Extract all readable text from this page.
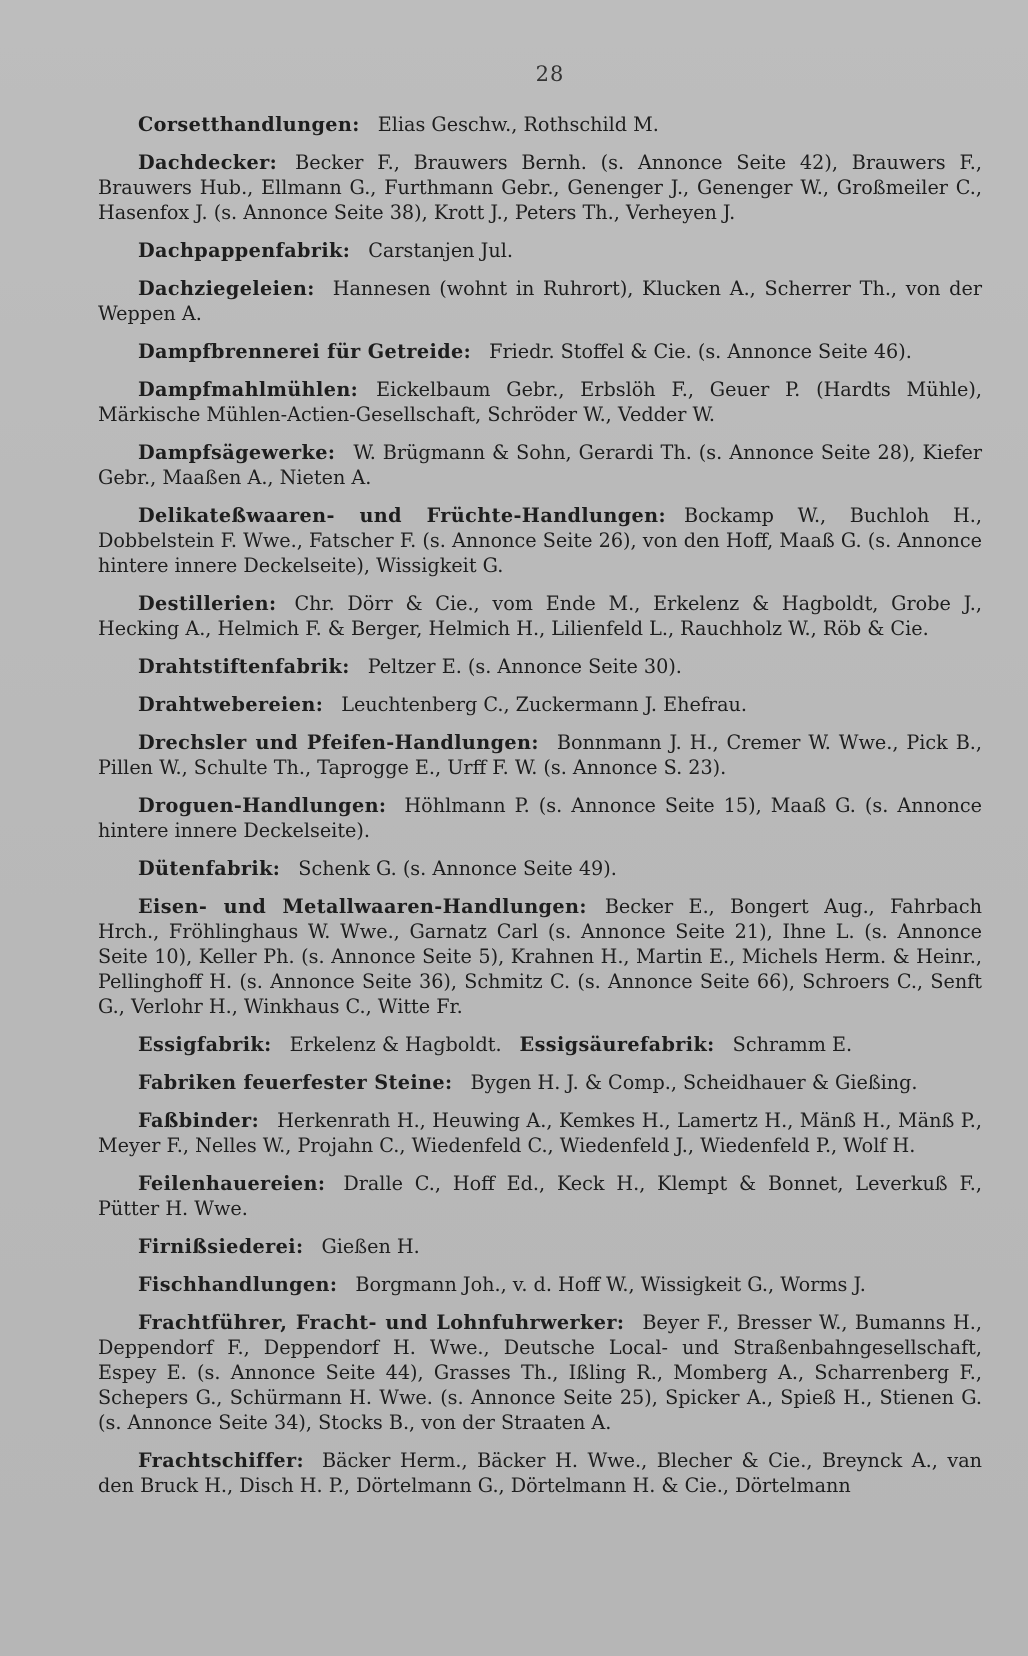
28

Corsetthandlungen: Elias Geschw., Rothschild M.

Dachdecker: Becker F., Brauwers Bernh. (s. Annonce Seite 42), Brauwers F., Brauwers Hub., Ellmann G., Furthmann Gebr., Genenger J., Genenger W., Großmeiler C., Hasenfox J. (s. Annonce Seite 38), Krott J., Peters Th., Verheyen J.

Dachpappenfabrik: Carstanjen Jul.

Dachziegeleien: Hannesen (wohnt in Ruhrort), Klucken A., Scherrer Th., von der Weppen A.

Dampfbrennerei für Getreide: Friedr. Stoffel & Cie. (s. Annonce Seite 46).

Dampfmahlmühlen: Eickelbaum Gebr., Erbslöh F., Geuer P. (Hardts Mühle), Märkische Mühlen-Actien-Gesellschaft, Schröder W., Vedder W.

Dampfsägewerke: W. Brügmann & Sohn, Gerardi Th. (s. Annonce Seite 28), Kiefer Gebr., Maaßen A., Nieten A.

Delikateßwaaren- und Früchte-Handlungen: Bockamp W., Buchloh H., Dobbelstein F. Wwe., Fatscher F. (s. Annonce Seite 26), von den Hoff, Maaß G. (s. Annonce hintere innere Deckelseite), Wissigkeit G.

Destillerien: Chr. Dörr & Cie., vom Ende M., Erkelenz & Hagboldt, Grobe J., Hecking A., Helmich F. & Berger, Helmich H., Lilienfeld L., Rauchholz W., Röb & Cie.

Drahtstiftenfabrik: Peltzer E. (s. Annonce Seite 30).

Drahtwebereien: Leuchtenberg C., Zuckermann J. Ehefrau.

Drechsler und Pfeifen-Handlungen: Bonnmann J. H., Cremer W. Wwe., Pick B., Pillen W., Schulte Th., Taprogge E., Urff F. W. (s. Annonce S. 23).

Droguen-Handlungen: Höhlmann P. (s. Annonce Seite 15), Maaß G. (s. Annonce hintere innere Deckelseite).

Dütenfabrik: Schenk G. (s. Annonce Seite 49).

Eisen- und Metallwaaren-Handlungen: Becker E., Bongert Aug., Fahrbach Hrch., Fröhlinghaus W. Wwe., Garnatz Carl (s. Annonce Seite 21), Ihne L. (s. Annonce Seite 10), Keller Ph. (s. Annonce Seite 5), Krahnen H., Martin E., Michels Herm. & Heinr., Pellinghoff H. (s. Annonce Seite 36), Schmitz C. (s. Annonce Seite 66), Schroers C., Senft G., Verlohr H., Winkhaus C., Witte Fr.

Essigfabrik: Erkelenz & Hagboldt. Essigsäurefabrik: Schramm E.

Fabriken feuerfester Steine: Bygen H. J. & Comp., Scheidhauer & Gießing.

Faßbinder: Herkenrath H., Heuwing A., Kemkes H., Lamertz H., Mänß H., Mänß P., Meyer F., Nelles W., Projahn C., Wiedenfeld C., Wiedenfeld J., Wiedenfeld P., Wolf H.

Feilenhauereien: Dralle C., Hoff Ed., Keck H., Klempt & Bonnet, Leverkuß F., Pütter H. Wwe.

Firnißsiederei: Gießen H.

Fischhandlungen: Borgmann Joh., v. d. Hoff W., Wissigkeit G., Worms J.

Frachtführer, Fracht- und Lohnfuhrwerker: Beyer F., Bresser W., Bumanns H., Deppendorf F., Deppendorf H. Wwe., Deutsche Local- und Straßenbahngesellschaft, Espey E. (s. Annonce Seite 44), Grasses Th., Ißling R., Momberg A., Scharrenberg F., Schepers G., Schürmann H. Wwe. (s. Annonce Seite 25), Spicker A., Spieß H., Stienen G. (s. Annonce Seite 34), Stocks B., von der Straaten A.

Frachtschiffer: Bäcker Herm., Bäcker H. Wwe., Blecher & Cie., Breynck A., van den Bruck H., Disch H. P., Dörtelmann G., Dörtelmann H. & Cie., Dörtelmann
